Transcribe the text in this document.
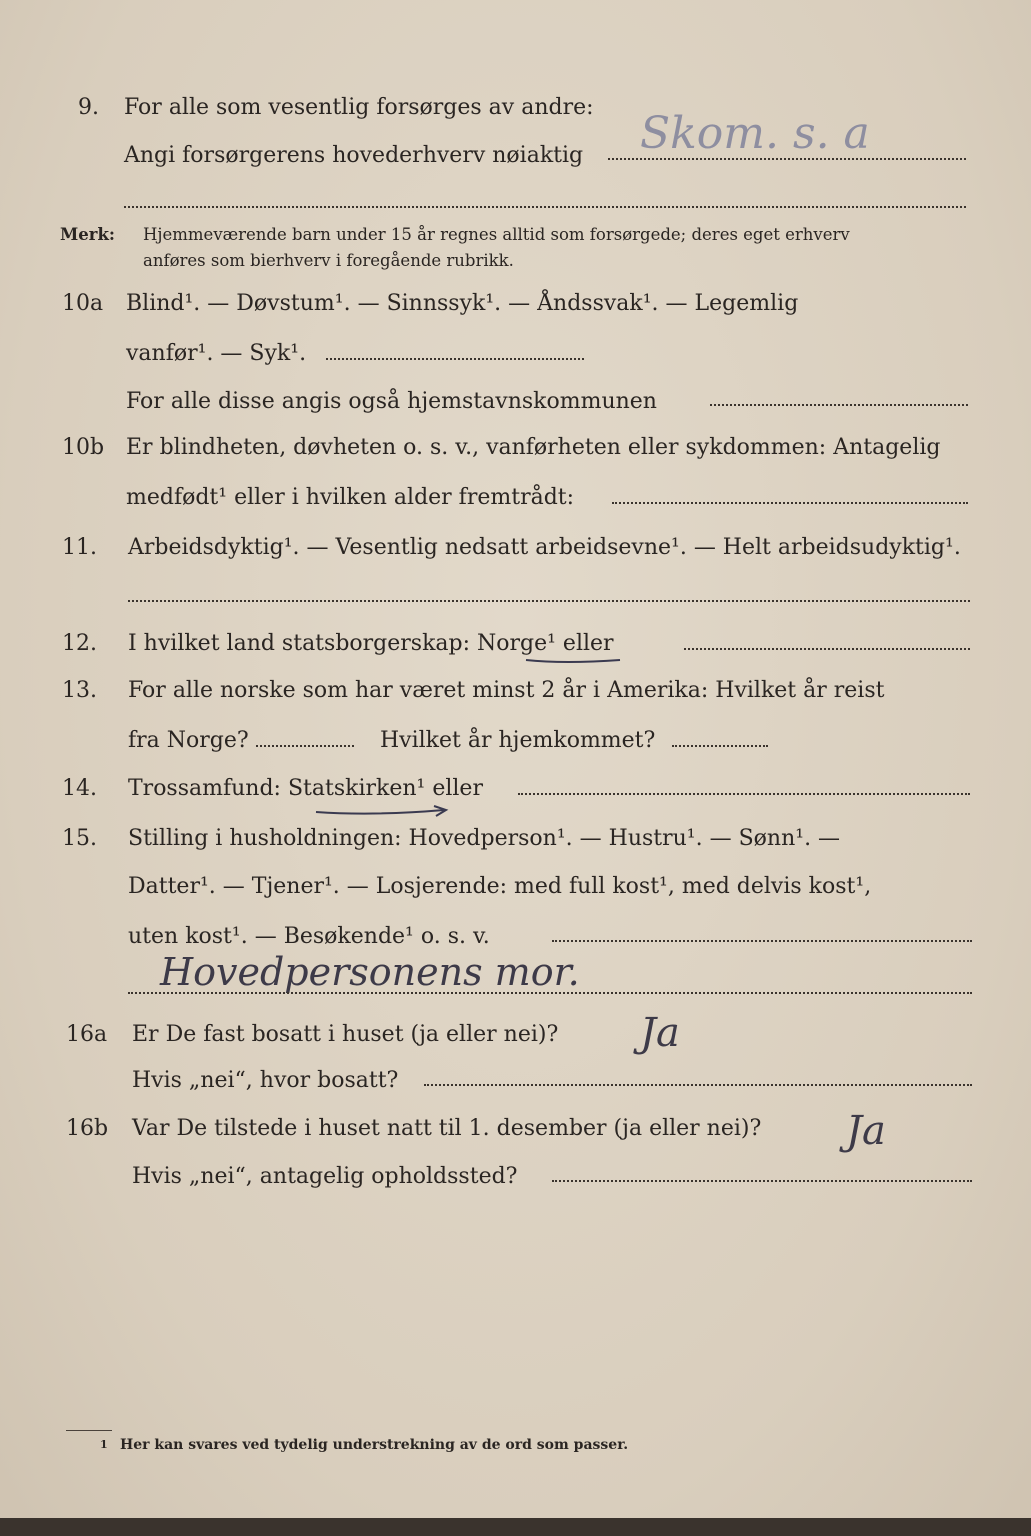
9. For alle som vesentlig forsørges av andre:
Angi forsørgerens hovederhverv nøiaktig Skom. s. a
Merk: Hjemmeværende barn under 15 år regnes alltid som forsørgede; deres eget erhverv
anføres som bierhverv i foregående rubrikk.
10a Blind¹. — Døvstum¹. — Sinnssyk¹. — Åndssvak¹. — Legemlig
vanfør¹. — Syk¹.
For alle disse angis også hjemstavnskommunen
10b Er blindheten, døvheten o. s. v., vanførheten eller sykdommen: Antagelig
medfødt¹ eller i hvilken alder fremtrådt:
11. Arbeidsdyktig¹. — Vesentlig nedsatt arbeidsevne¹. — Helt arbeidsudyktig¹.
12. I hvilket land statsborgerskap: Norge¹ eller
13. For alle norske som har været minst 2 år i Amerika: Hvilket år reist
fra Norge?	Hvilket år hjemkommet?
14. Trossamfund: Statskirken¹ eller
15. Stilling i husholdningen: Hovedperson¹. — Hustru¹. — Sønn¹. —
Datter¹. — Tjener¹. — Losjerende: med full kost¹, med delvis kost¹,
uten kost¹. — Besøkende¹ o. s. v.
Hovedpersonens mor.
16a Er De fast bosatt i huset (ja eller nei)? Ja
Hvis „nei“, hvor bosatt?
16b Var De tilstede i huset natt til 1. desember (ja eller nei)? Ja
Hvis „nei“, antagelig opholdssted?
1 Her kan svares ved tydelig understrekning av de ord som passer.
